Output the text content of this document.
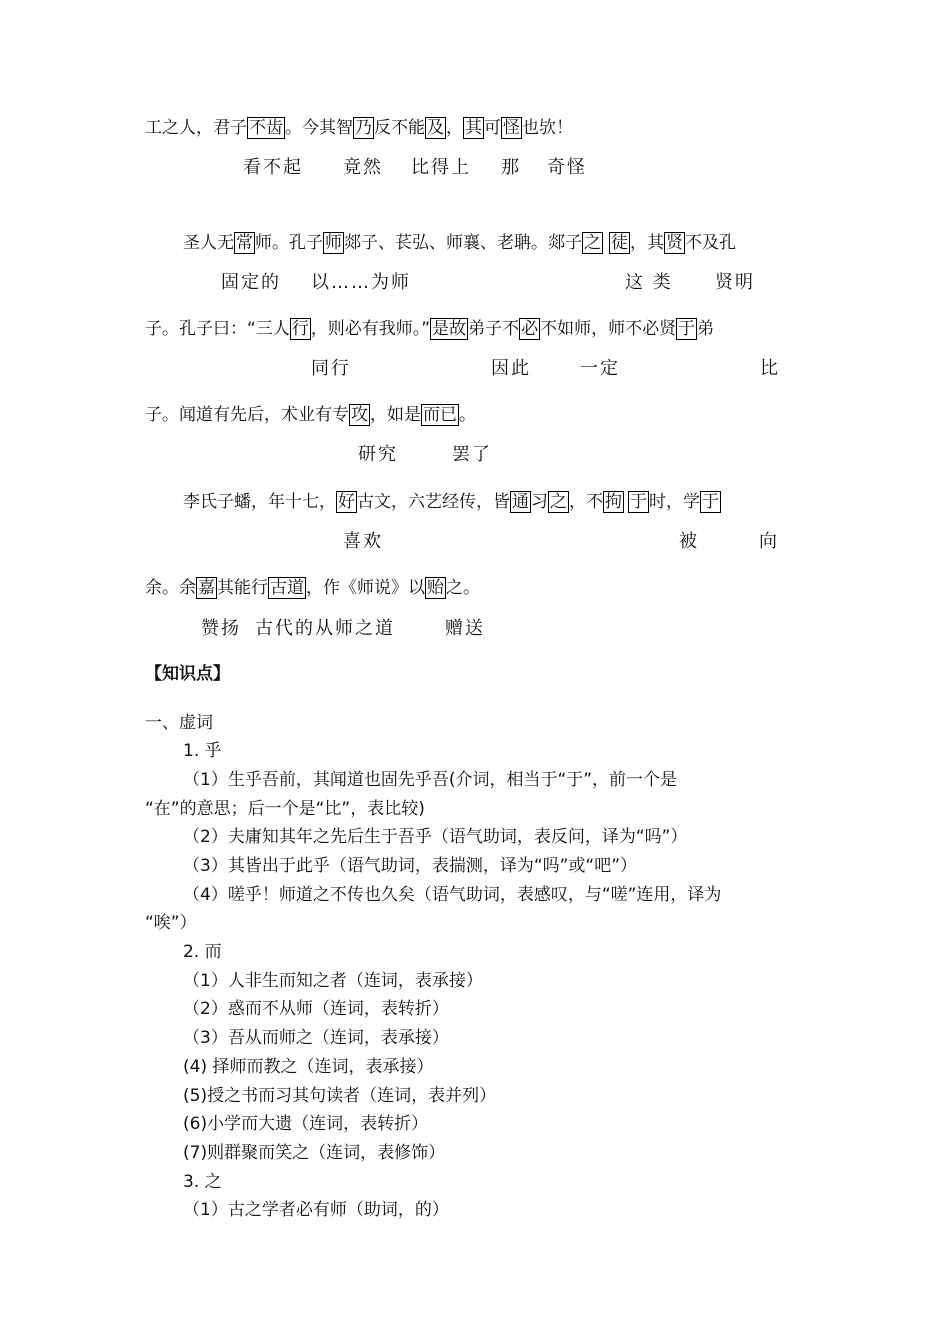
工之人，君子 不齿 。今其智 乃 反不能 及 ， 其 可 怪 也欤！
看不起 竟然 比得上 那 奇怪
圣人无 常 师。孔子 师 郯子、苌弘、师襄、老聃。郯子 之 徒 ，其 贤 不及孔
固定的 以……为师	这 类 贤明
子。孔子曰：“三人 行 ，则必有我师。” 是故 弟子不 必 不如师，师不必贤 于 弟
同行	因此	一定	比
子。闻道有先后，术业有专 攻 ，如是 而已 。
研究	罢了
李氏子蟠，年十七， 好 古文，六艺经传，皆 通 习 之 ，不 拘 于 时，学 于
喜欢	被	向
余。余 嘉 其能行 古道 ，作《师说》以 贻 之。
赞扬 古代的从师之道	赠送
【知识点】
一、虚词
1. 乎
（1）生乎吾前，其闻道也固先乎吾(介词，相当于“于”，前一个是
“在”的意思；后一个是“比”，表比较)
（2）夫庸知其年之先后生于吾乎（语气助词，表反问，译为“吗”）
（3）其皆出于此乎（语气助词，表揣测，译为“吗”或“吧”）
（4）嗟乎！师道之不传也久矣（语气助词，表感叹，与“嗟”连用，译为
“唉”）
2. 而
（1）人非生而知之者（连词，表承接）
（2）惑而不从师（连词，表转折）
（3）吾从而师之（连词，表承接）
(4) 择师而教之（连词，表承接）
(5)授之书而习其句读者（连词，表并列）
(6)小学而大遗（连词，表转折）
(7)则群聚而笑之（连词，表修饰）
3. 之
（1）古之学者必有师（助词，的）
